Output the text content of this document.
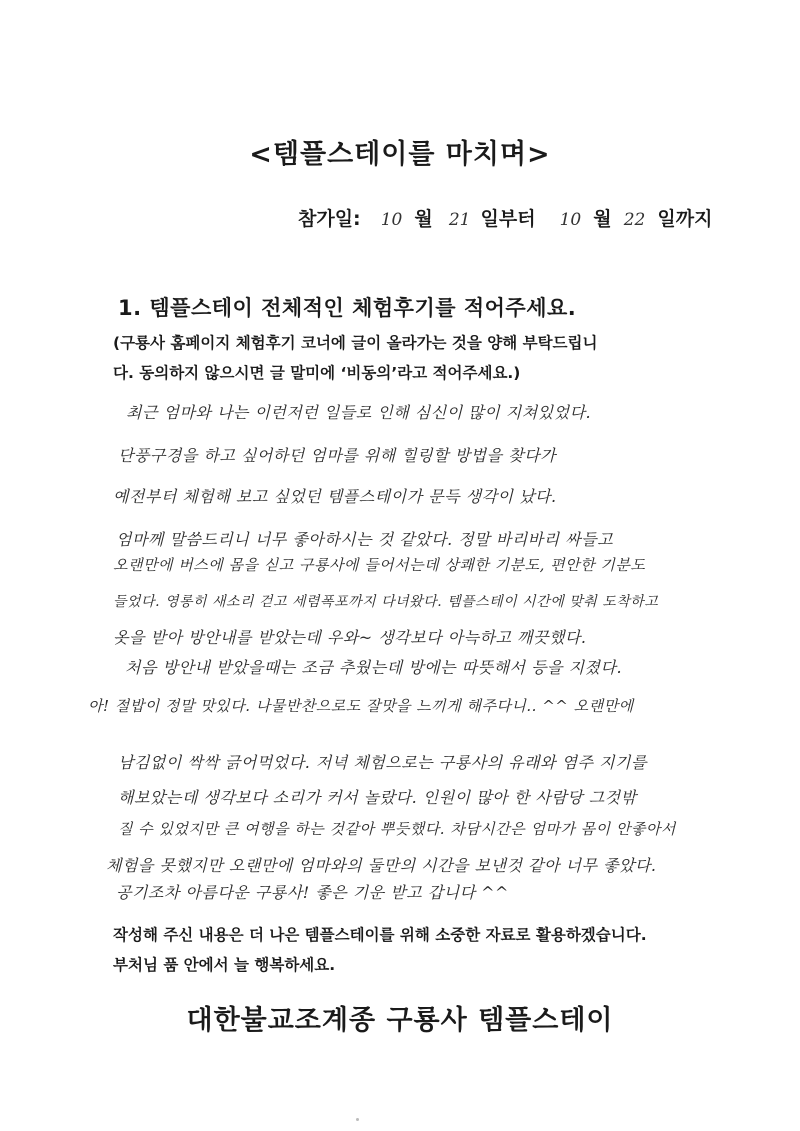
<템플스테이를 마치며>
참가일: 10 월 21 일부터 10 월 22 일까지
1. 템플스테이 전체적인 체험후기를 적어주세요.
(구룡사 홈페이지 체험후기 코너에 글이 올라가는 것을 양해 부탁드립니
다. 동의하지 않으시면 글 말미에 ‘비동의’라고 적어주세요.)
최근 엄마와 나는 이런저런 일들로 인해 심신이 많이 지쳐있었다.
단풍구경을 하고 싶어하던 엄마를 위해 힐링할 방법을 찾다가
예전부터 체험해 보고 싶었던 템플스테이가 문득 생각이 났다.
엄마께 말씀드리니 너무 좋아하시는 것 같았다. 정말 바리바리 싸들고
오랜만에 버스에 몸을 싣고 구룡사에 들어서는데 상쾌한 기분도, 편안한 기분도
들었다. 영롱히 새소리 걷고 세렴폭포까지 다녀왔다. 템플스테이 시간에 맞춰 도착하고
옷을 받아 방안내를 받았는데 우와~ 생각보다 아늑하고 깨끗했다.
처음 방안내 받았을때는 조금 추웠는데 방에는 따뜻해서 등을 지졌다.
아! 절밥이 정말 맛있다. 나물반찬으로도 잘맛을 느끼게 해주다니.. ^^ 오랜만에
남김없이 싹싹 긁어먹었다. 저녁 체험으로는 구룡사의 유래와 염주 지기를
해보았는데 생각보다 소리가 커서 놀랐다. 인원이 많아 한 사람당 그것밖
질 수 있었지만 큰 여행을 하는 것같아 뿌듯했다. 차담시간은 엄마가 몸이 안좋아서
체험을 못했지만 오랜만에 엄마와의 둘만의 시간을 보낸것 같아 너무 좋았다.
공기조차 아름다운 구룡사! 좋은 기운 받고 갑니다 ^^
작성해 주신 내용은 더 나은 템플스테이를 위해 소중한 자료로 활용하겠습니다.
부처님 품 안에서 늘 행복하세요.
대한불교조계종 구룡사 템플스테이
